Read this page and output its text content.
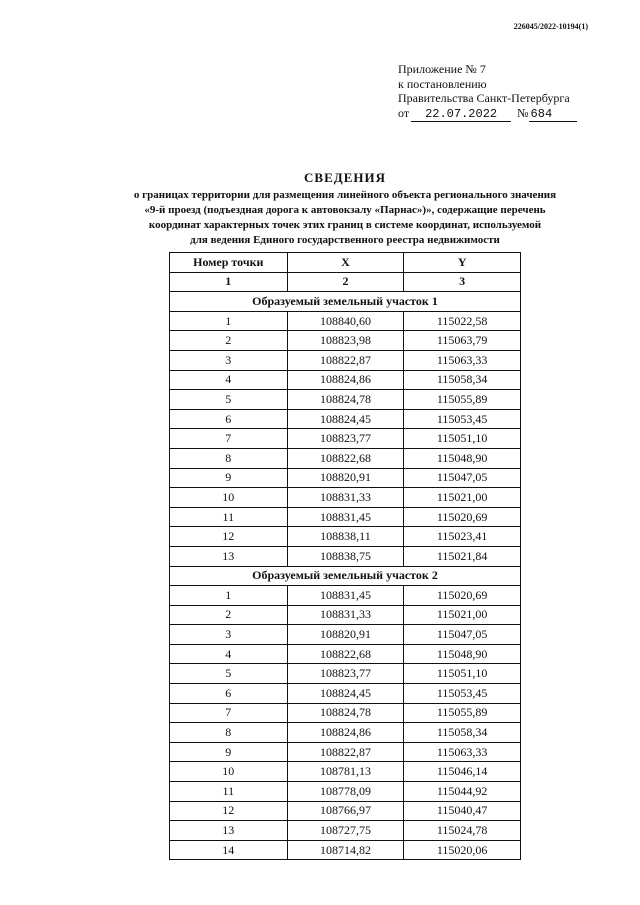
226045/2022-10194(1)
Приложение № 7
к постановлению
Правительства Санкт-Петербурга
от 22.07.2022 № 684
СВЕДЕНИЯ
о границах территории для размещения линейного объекта регионального значения
«9-й проезд (подъездная дорога к автовокзалу «Парнас»)», содержащие перечень
координат характерных точек этих границ в системе координат, используемой
для ведения Единого государственного реестра недвижимости
Номер точки	X	Y
1	2	3
Образуемый земельный участок 1		
1	108840,60	115022,58
2	108823,98	115063,79
3	108822,87	115063,33
4	108824,86	115058,34
5	108824,78	115055,89
6	108824,45	115053,45
7	108823,77	115051,10
8	108822,68	115048,90
9	108820,91	115047,05
10	108831,33	115021,00
11	108831,45	115020,69
12	108838,11	115023,41
13	108838,75	115021,84
Образуемый земельный участок 2		
1	108831,45	115020,69
2	108831,33	115021,00
3	108820,91	115047,05
4	108822,68	115048,90
5	108823,77	115051,10
6	108824,45	115053,45
7	108824,78	115055,89
8	108824,86	115058,34
9	108822,87	115063,33
10	108781,13	115046,14
11	108778,09	115044,92
12	108766,97	115040,47
13	108727,75	115024,78
14	108714,82	115020,06
